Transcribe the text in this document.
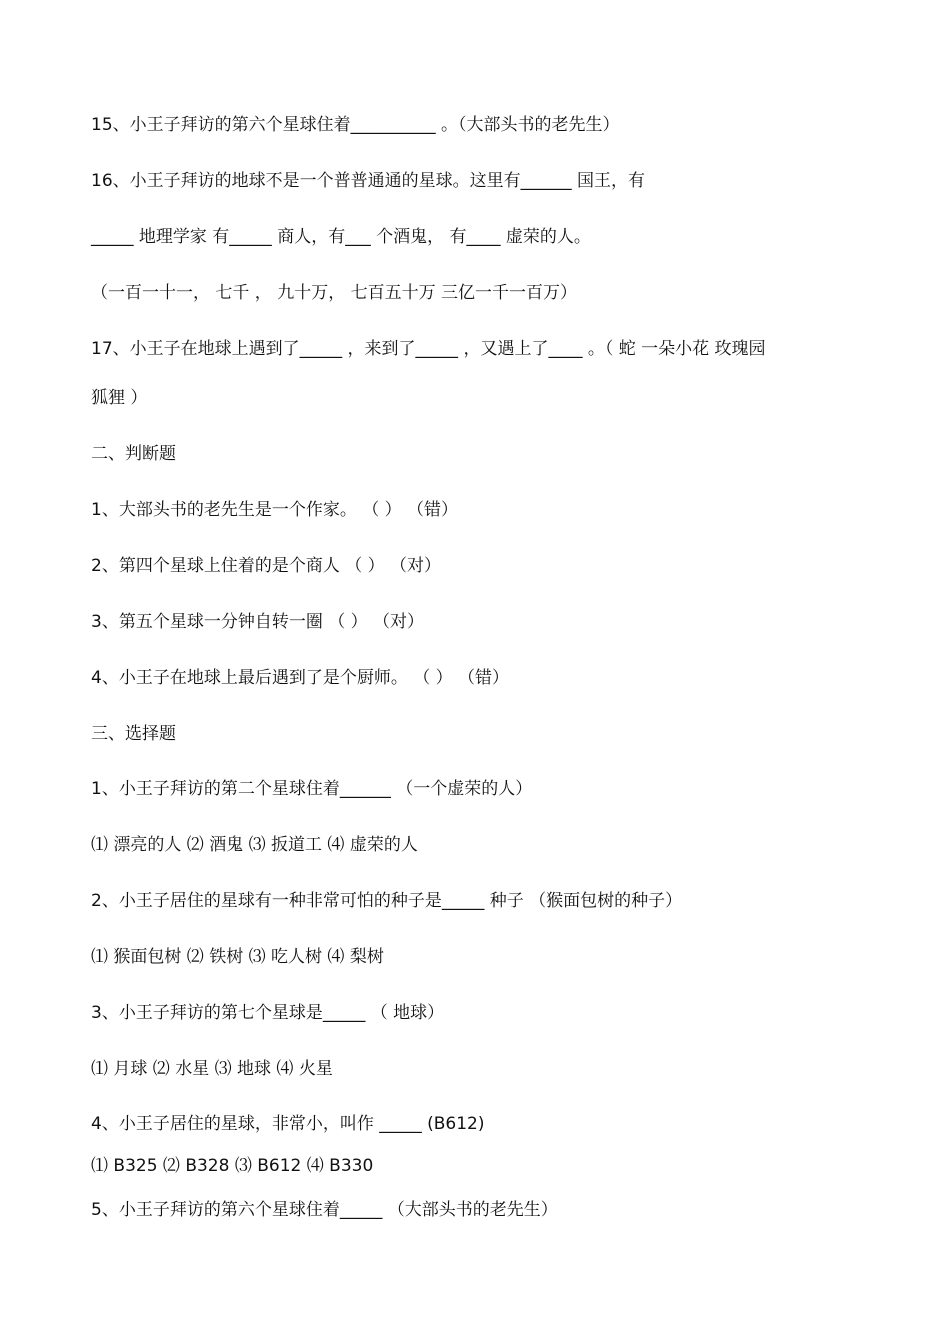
15、小王子拜访的第六个星球住着__________ 。（大部头书的老先生）
16、小王子拜访的地球不是一个普普通通的星球。这里有______ 国王，有
_____ 地理学家 有_____ 商人，有___ 个酒鬼， 有____ 虚荣的人。
（一百一十一， 七千 ， 九十万， 七百五十万 三亿一千一百万）
17、小王子在地球上遇到了_____ ，来到了_____ ，又遇上了____ 。（ 蛇 一朵小花 玫瑰园
狐狸 ）
二、判断题
1、大部头书的老先生是一个作家。 （ ） （错）
2、第四个星球上住着的是个商人 （ ） （对）
3、第五个星球一分钟自转一圈 （ ） （对）
4、小王子在地球上最后遇到了是个厨师。 （ ） （错）
三、选择题
1、小王子拜访的第二个星球住着______ （一个虚荣的人）
⑴ 漂亮的人 ⑵ 酒鬼 ⑶ 扳道工 ⑷ 虚荣的人
2、小王子居住的星球有一种非常可怕的种子是_____ 种子 （猴面包树的种子）
⑴ 猴面包树 ⑵ 铁树 ⑶ 吃人树 ⑷ 梨树
3、小王子拜访的第七个星球是_____ （ 地球）
⑴ 月球 ⑵ 水星 ⑶ 地球 ⑷ 火星
4、小王子居住的星球，非常小，叫作 _____ (B612)
⑴ B325 ⑵ B328 ⑶ B612 ⑷ B330
5、小王子拜访的第六个星球住着_____ （大部头书的老先生）
